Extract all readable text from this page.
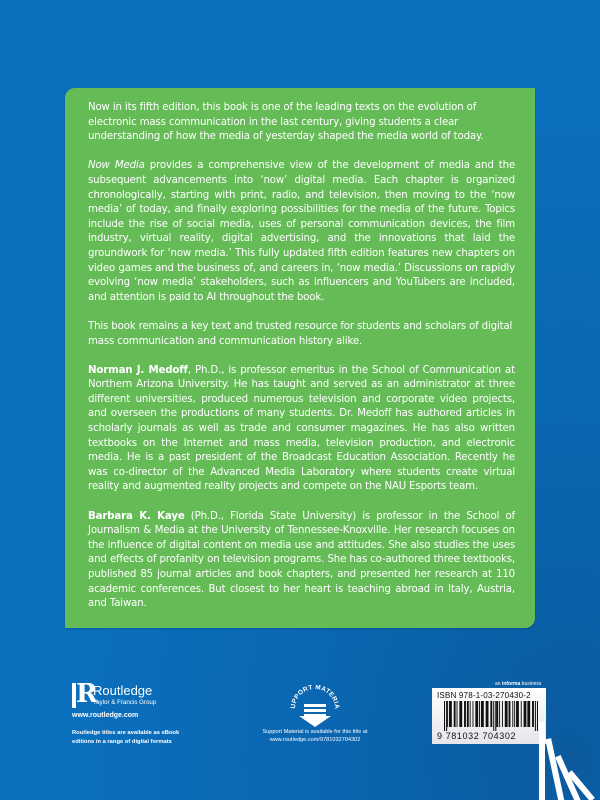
Now in its fifth edition, this book is one of the leading texts on the evolution of electronic mass communication in the last century, giving students a clear understanding of how the media of yesterday shaped the media world of today.

Now Media provides a comprehensive view of the development of media and the subsequent advancements into ‘now’ digital media. Each chapter is organized chronologically, starting with print, radio, and television, then moving to the ‘now media’ of today, and finally exploring possibilities for the media of the future. Topics include the rise of social media, uses of personal communication devices, the film industry, virtual reality, digital advertising, and the innovations that laid the groundwork for ‘now media.’ This fully updated fifth edition features new chapters on video games and the business of, and careers in, ‘now media.’ Discussions on rapidly evolving ‘now media’ stakeholders, such as influencers and YouTubers are included, and attention is paid to AI throughout the book.

This book remains a key text and trusted resource for students and scholars of digital mass communication and communication history alike.

Norman J. Medoff, Ph.D., is professor emeritus in the School of Communication at Northern Arizona University. He has taught and served as an administrator at three different universities, produced numerous television and corporate video projects, and overseen the productions of many students. Dr. Medoff has authored articles in scholarly journals as well as trade and consumer magazines. He has also written textbooks on the Internet and mass media, television production, and electronic media. He is a past president of the Broadcast Education Association. Recently he was co-director of the Advanced Media Laboratory where students create virtual reality and augmented reality projects and compete on the NAU Esports team.

Barbara K. Kaye (Ph.D., Florida State University) is professor in the School of Journalism & Media at the University of Tennessee-Knoxville. Her research focuses on the influence of digital content on media use and attitudes. She also studies the uses and effects of profanity on television programs. She has co-authored three textbooks, published 85 journal articles and book chapters, and presented her research at 110 academic conferences. But closest to her heart is teaching abroad in Italy, Austria, and Taiwan.

R
Routledge
Taylor & Francis Group
www.routledge.com
Routledge titles are available as eBook
editions in a range of digital formats
UPPORT MATERIA
Support Material is available for this title at
www.routledge.com/9781032704302
an informa business
ISBN 978-1-03-270430-2
9 781032 704302
